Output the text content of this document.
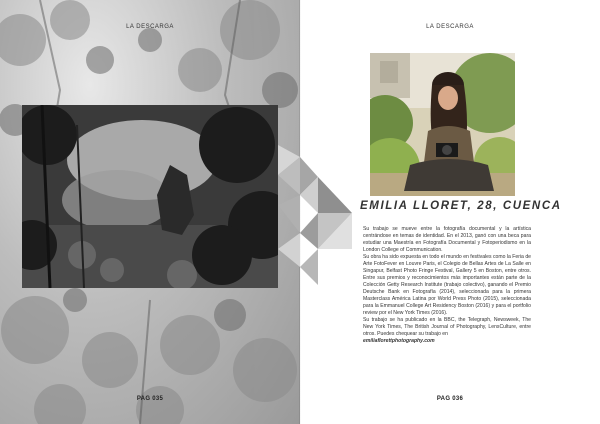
LA DESCARGA
PAG 035
LA DESCARGA
EMILIA LLORET, 28, CUENCA

Su trabajo se mueve entre la fotografía documental y la artística centrándose en temas de identidad. En el 2013, ganó con una beca para estudiar una Maestría en Fotografía Documental y Fotoperiodismo en la London College of Communication.

Su obra ha sido expuesta en todo el mundo en festivales como la Feria de Arte FotoFever en Louvre Paris, el Colegio de Bellas Artes de La Salle en Singapur, Belfast Photo Fringe Festival, Gallery 5 en Boston, entre otros. Entre sus premios y reconocimientos más importantes están parte de la Colección Getty Research Institute (trabajo colectivo), ganando el Premio Deutsche Bank en Fotografía (2014), seleccionada para la primera Masterclass América Latina por World Press Photo (2015), seleccionada para la Emmanuel College Art Residency Boston (2016) y para el portfolio review por el New York Times (2016).

Su trabajo se ha publicado en la BBC, the Telegraph, Newsweek, The New York Times, The British Journal of Photography, LensCulture, entre otros. Puedes chequear su trabajo en

emiliaflorettphotography.com

PAG 036
